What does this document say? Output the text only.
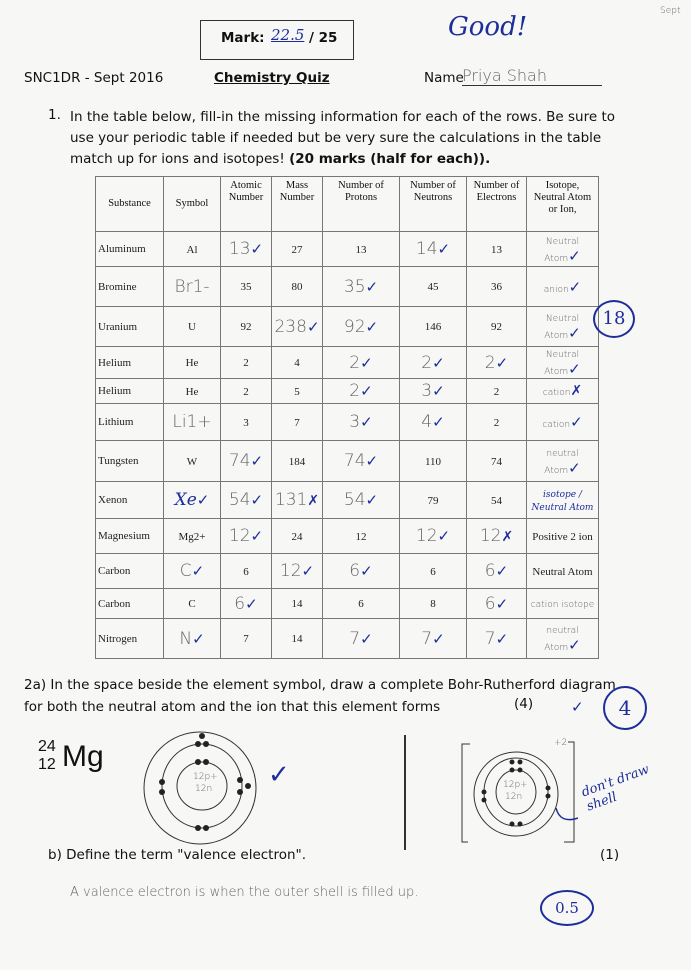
Mark: 22.5 / 25	Good!
Sept
SNC1DR - Sept 2016	Chemistry Quiz	Name
Priya Shah
1. In the table below, fill-in the missing information for each of the rows. Be sure to use your periodic table if needed but be very sure the calculations in the table match up for ions and isotopes! (20 marks (half for each)).
Substance	Symbol	Atomic Number	Mass Number	Number of Protons	Number of Neutrons	Number of Electrons	Isotope, Neutral Atom or Ion,
Aluminum	Al	13✓	27	13	14✓	13	Neutral Atom✓
Bromine	Br1-	35	80	35✓	45	36	anion✓
Uranium	U	92	238✓	92✓	146	92	Neutral Atom✓
Helium	He	2	4	2✓	2✓	2✓	Neutral Atom✓
Helium	He	2	5	2✓	3✓	2	cation✗
Lithium	Li1+	3	7	3✓	4✓	2	cation✓
Tungsten	W	74✓	184	74✓	110	74	neutral Atom✓
Xenon	Xe✓	54✓	131✗	54✓	79	54	isotope / Neutral Atom
Magnesium	Mg2+	12✓	24	12	12✓	12✗	Positive 2 ion
Carbon	C✓	6	12✓	6✓	6	6✓	Neutral Atom
Carbon	C	6✓	14	6	8	6✓	cation isotope
Nitrogen	N✓	7	14	7✓	7✓	7✓	neutral Atom✓
18
2a) In the space beside the element symbol, draw a complete Bohr-Rutherford diagram for both the neutral atom and the ion that this element forms	(4)	4
✓
24
12 Mg
12p+
12n ✓
+2
12p+
12n	don't draw shell
b) Define the term "valence electron".	(1)
A valence electron is when the outer shell is filled up.
0.5
